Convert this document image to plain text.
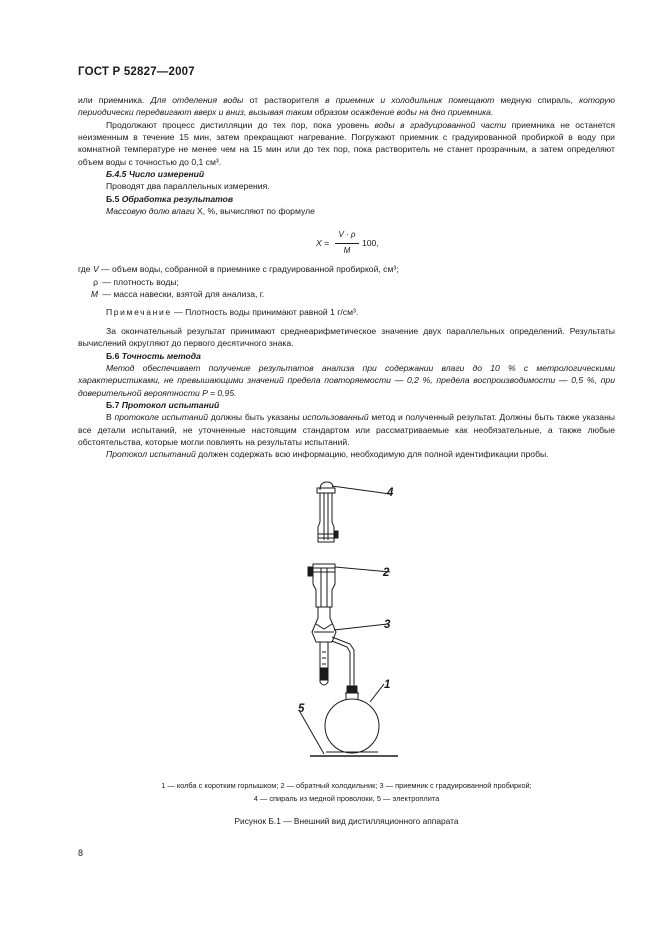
ГОСТ Р 52827—2007

или приемника. Для отделения воды от растворителя в приемник и холодильник помещают медную спираль, которую периодически передвигают вверх и вниз, вызывая таким образом осаждение воды на дно приемника.

Продолжают процесс дистилляции до тех пор, пока уровень воды в градуированной части приемника не останется неизменным в течение 15 мин, затем прекращают нагревание. Погружают приемник с градуированной пробиркой в воду при комнатной температуре не менее чем на 15 мин или до тех пор, пока растворитель не станет прозрачным, а затем определяют объем воды с точностью до 0,1 см³.

Б.4.5 Число измерений

Проводят два параллельных измерения.

Б.5 Обработка результатов

Массовую долю влаги X, %, вычисляют по формуле

$X = \frac{V \cdot \rho}{M} 100$,

где V — объем воды, собранной в приемнике с градуированной пробиркой, см³;

ρ — плотность воды;

M — масса навески, взятой для анализа, г.

Примечание — Плотность воды принимают равной 1 г/см³.

За окончательный результат принимают среднеарифметическое значение двух параллельных определений. Результаты вычислений округляют до первого десятичного знака.

Б.6 Точность метода

Метод обеспечивает получение результатов анализа при содержании влаги до 10 % с метрологическими характеристиками, не превышающими значений предела повторяемости — 0,2 %, предела воспроизводимости — 0,5 %, при доверительной вероятности P = 0,95.

Б.7 Протокол испытаний

В протоколе испытаний должны быть указаны использованный метод и полученный результат. Должны быть также указаны все детали испытаний, не уточненные настоящим стандартом или рассматриваемые как необязательные, а также любые обстоятельства, которые могли повлиять на результаты испытаний.

Протокол испытаний должен содержать всю информацию, необходимую для полной идентификации пробы.

4
2
3
1
5
1 — колба с коротким горлышком; 2 — обратный холодильник; 3 — приемник с градуированной пробиркой;
4 — спираль из медной проволоки, 5 — электроплита
Рисунок Б.1 — Внешний вид дистилляционного аппарата
8
